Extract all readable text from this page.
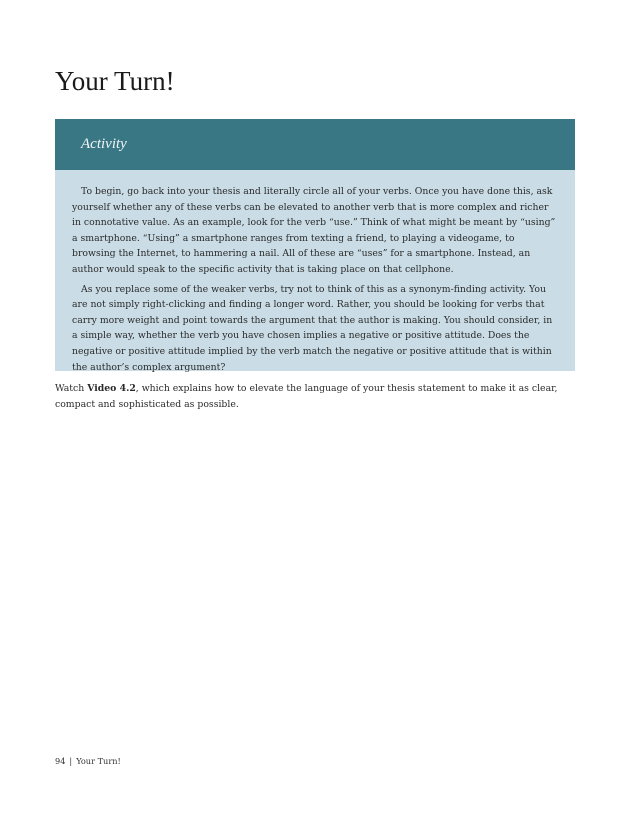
Your Turn!
Activity

To begin, go back into your thesis and literally circle all of your verbs. Once you have done this, ask yourself whether any of these verbs can be elevated to another verb that is more complex and richer in connotative value. As an example, look for the verb “use.” Think of what might be meant by “using” a smartphone. “Using” a smartphone ranges from texting a friend, to playing a videogame, to browsing the Internet, to hammering a nail. All of these are “uses” for a smartphone. Instead, an author would speak to the specific activity that is taking place on that cellphone.

As you replace some of the weaker verbs, try not to think of this as a synonym-finding activity. You are not simply right-clicking and finding a longer word. Rather, you should be looking for verbs that carry more weight and point towards the argument that the author is making. You should consider, in a simple way, whether the verb you have chosen implies a negative or positive attitude. Does the negative or positive attitude implied by the verb match the negative or positive attitude that is within the author’s complex argument?

Watch Video 4.2, which explains how to elevate the language of your thesis statement to make it as clear, compact and sophisticated as possible.

94 | Your Turn!
